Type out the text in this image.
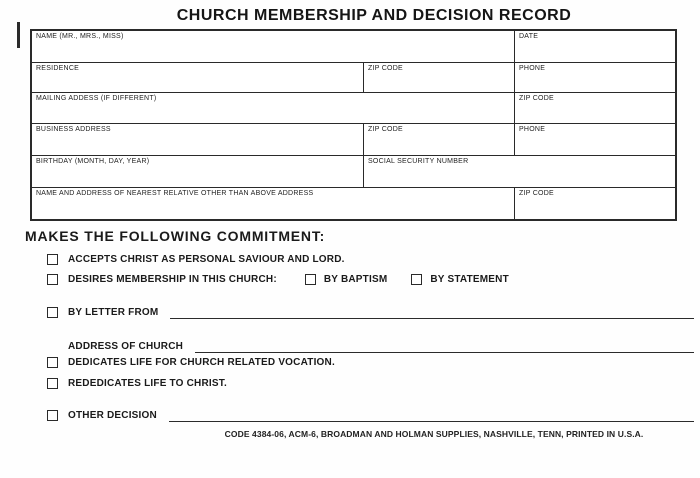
CHURCH MEMBERSHIP AND DECISION RECORD
NAME (MR., MRS., MISS)	DATE
RESIDENCE	ZIP CODE	PHONE
MAILING ADDESS (IF DIFFERENT)	ZIP CODE
BUSINESS ADDRESS	ZIP CODE	PHONE
BIRTHDAY (MONTH, DAY, YEAR)	SOCIAL SECURITY NUMBER
NAME AND ADDRESS OF NEAREST RELATIVE OTHER THAN ABOVE ADDRESS	ZIP CODE
MAKES THE FOLLOWING COMMITMENT:
ACCEPTS CHRIST AS PERSONAL SAVIOUR AND LORD.
DESIRES MEMBERSHIP IN THIS CHURCH:	BY BAPTISM	BY STATEMENT
BY LETTER FROM
ADDRESS OF CHURCH
DEDICATES LIFE FOR CHURCH RELATED VOCATION.
REDEDICATES LIFE TO CHRIST.
OTHER DECISION

CODE 4384-06, ACM-6, BROADMAN AND HOLMAN SUPPLIES, NASHVILLE, TENN, PRINTED IN U.S.A.
